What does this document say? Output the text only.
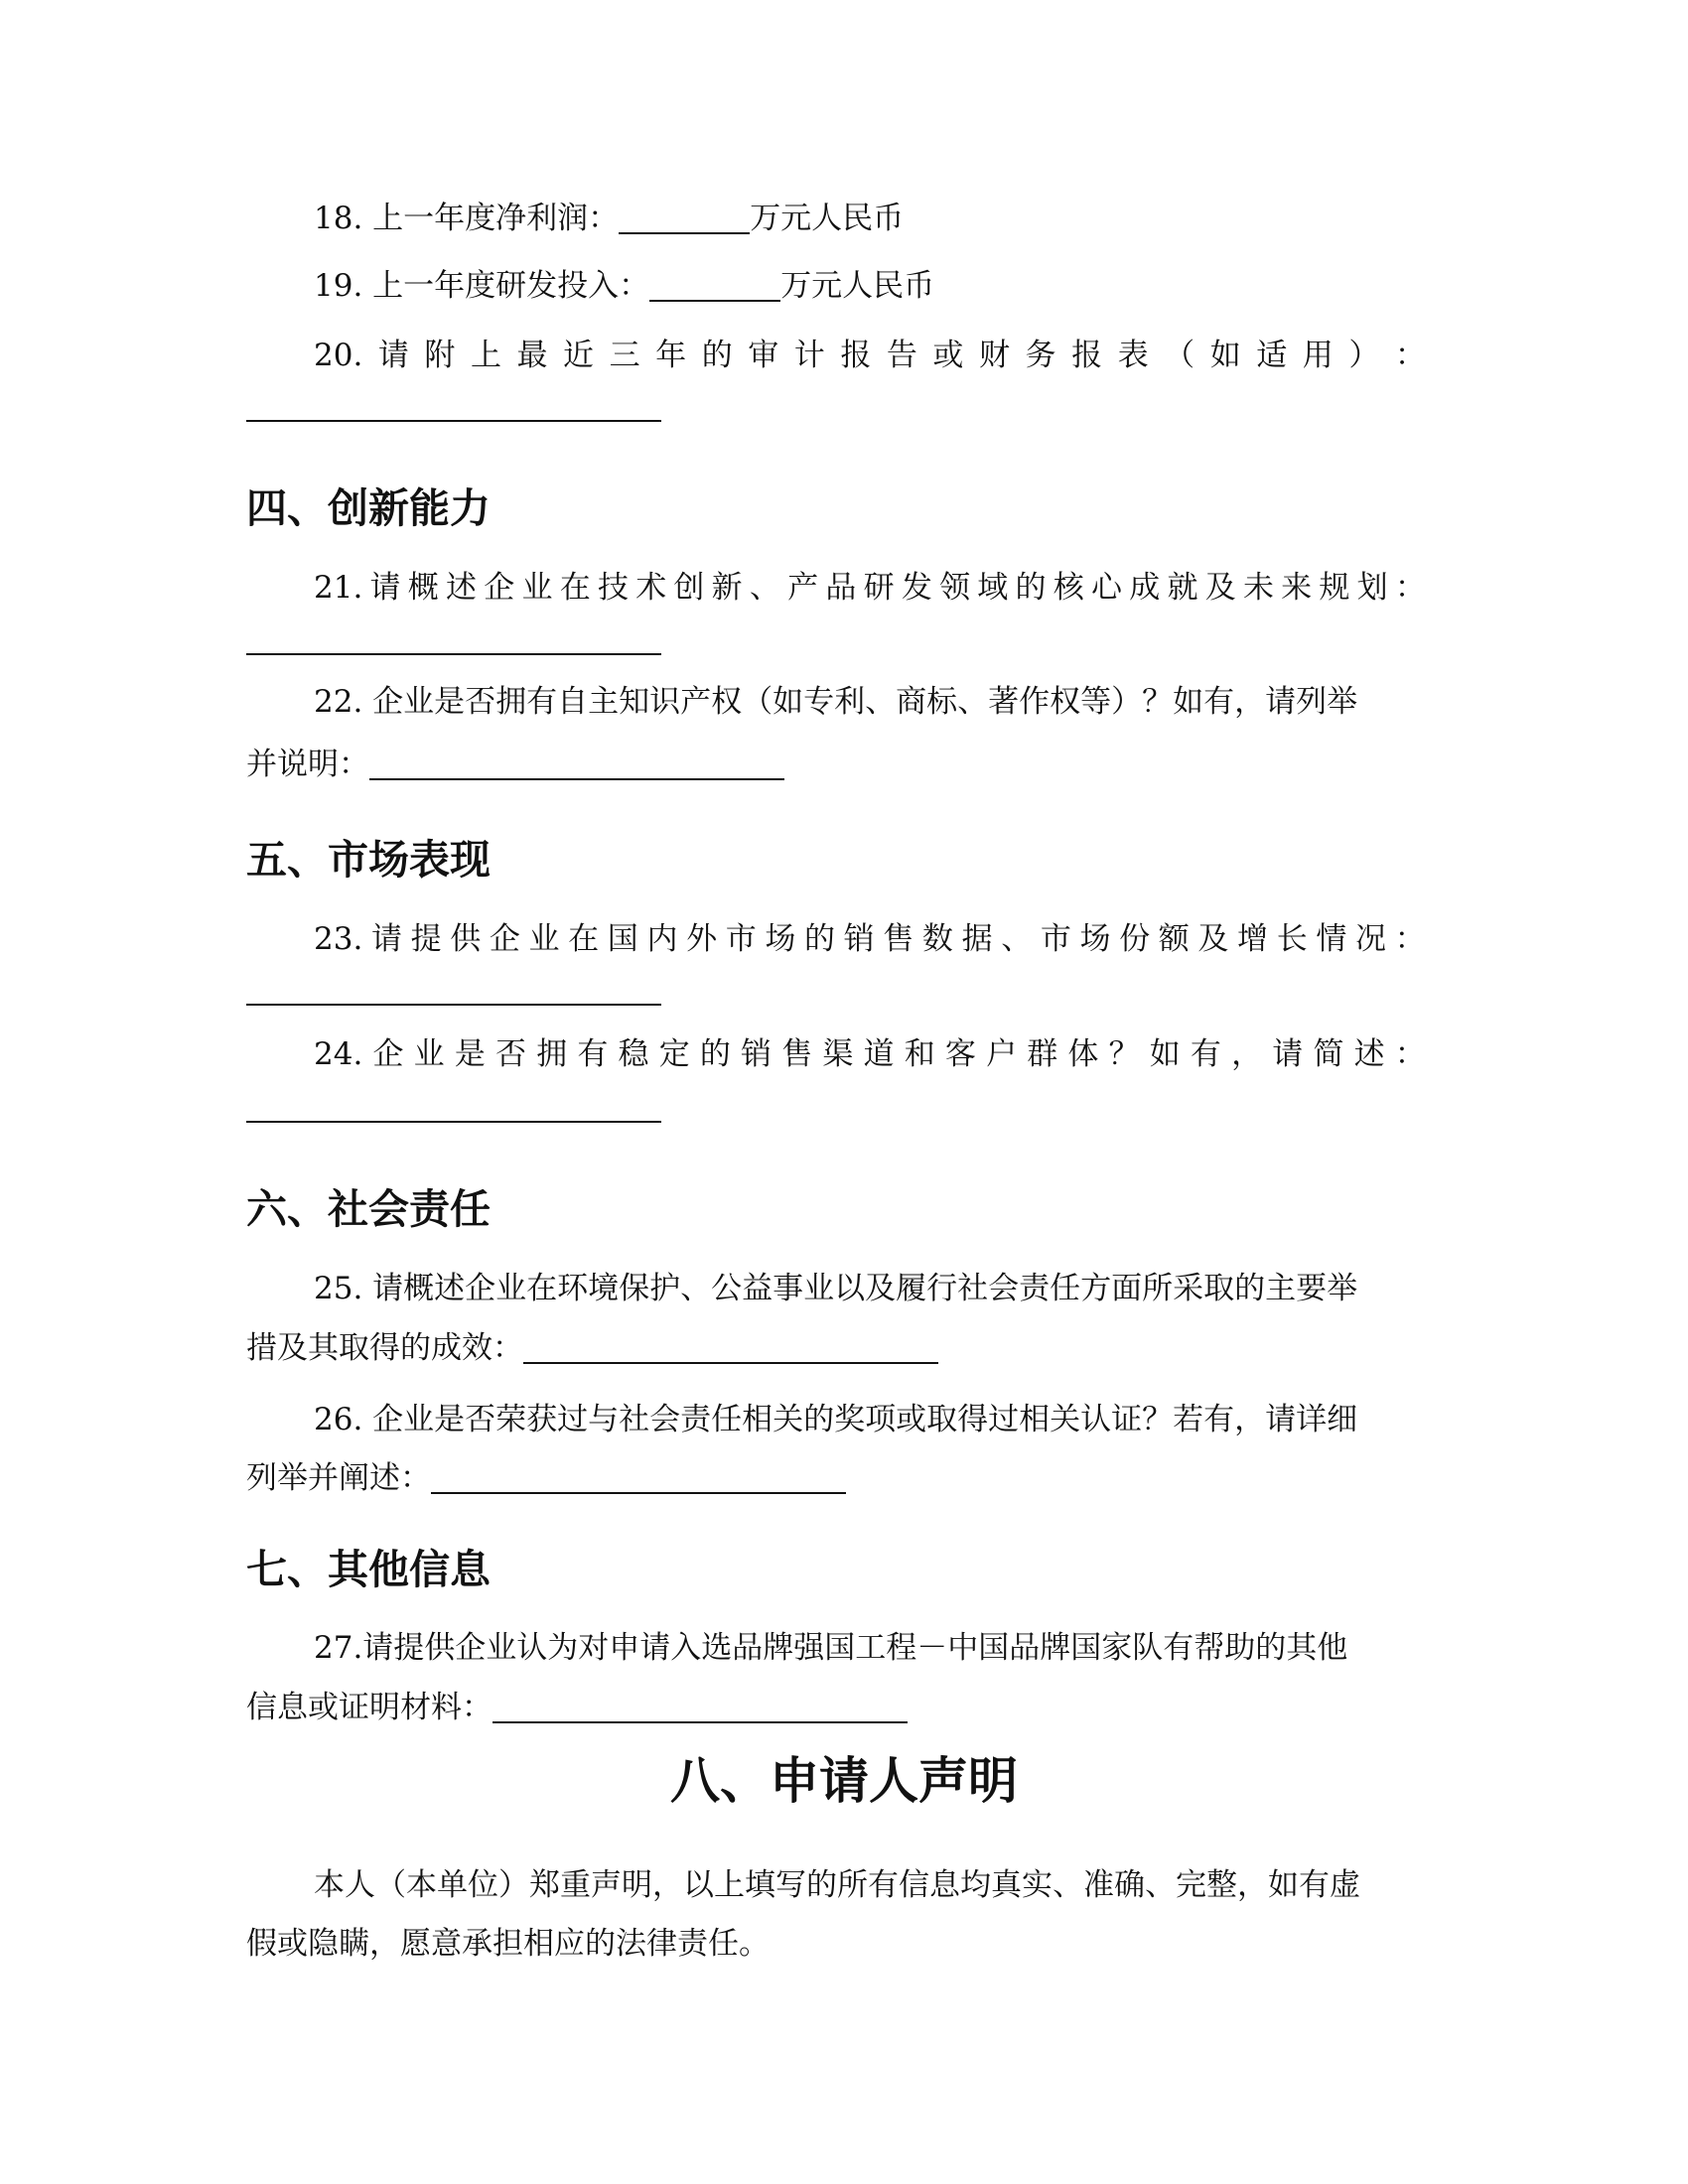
18. 上一年度净利润：	万元人民币
19. 上一年度研发投入：	万元人民币
20. 请 附 上 最 近 三 年 的 审 计 报 告 或 财 务 报 表 （ 如 适 用 ） ：
四、创新能力
21. 请 概 述 企 业 在 技 术 创 新 、 产 品 研 发 领 域 的 核 心 成 就 及 未 来 规 划 ：
22. 企业是否拥有自主知识产权（如专利、商标、著作权等）？如有，请列举
并说明：
五、市场表现
23. 请 提 供 企 业 在 国 内 外 市 场 的 销 售 数 据 、 市 场 份 额 及 增 长 情 况 ：
24. 企 业 是 否 拥 有 稳 定 的 销 售 渠 道 和 客 户 群 体 ？ 如 有 ， 请 简 述 ：
六、社会责任
25. 请概述企业在环境保护、公益事业以及履行社会责任方面所采取的主要举
措及其取得的成效：
26. 企业是否荣获过与社会责任相关的奖项或取得过相关认证？若有，请详细
列举并阐述：
七、其他信息
27.请提供企业认为对申请入选品牌强国工程－中国品牌国家队有帮助的其他
信息或证明材料：
八、申请人声明
本人（本单位）郑重声明，以上填写的所有信息均真实、准确、完整，如有虚
假或隐瞒，愿意承担相应的法律责任。
